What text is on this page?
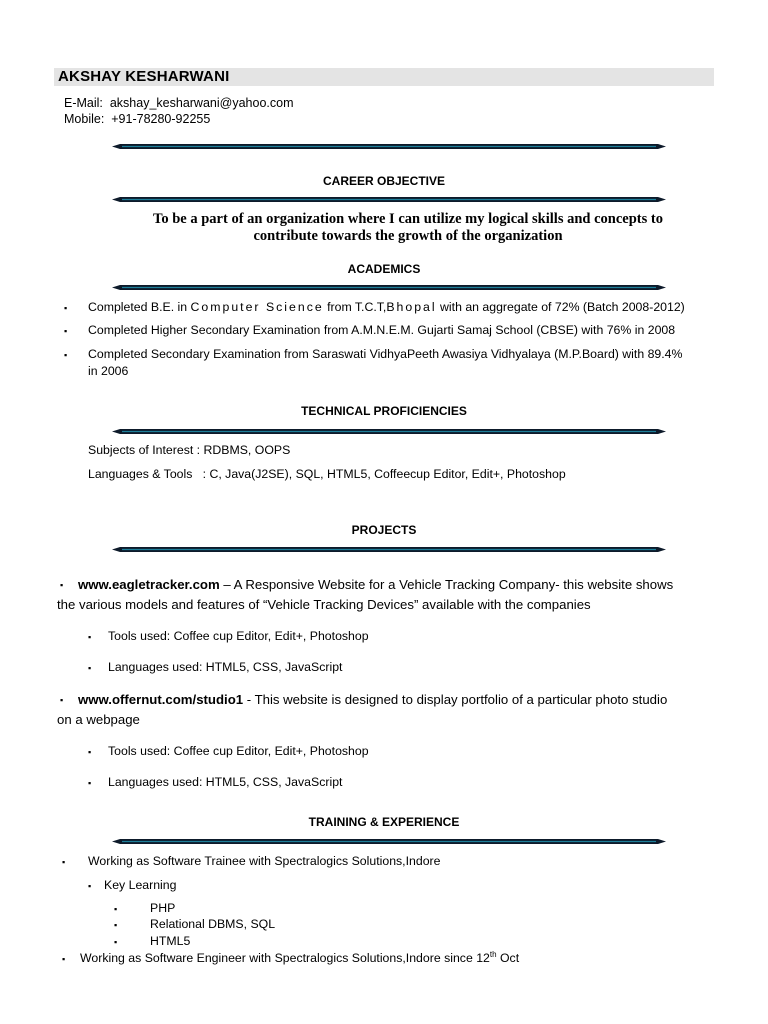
AKSHAY KESHARWANI
E-Mail: akshay_kesharwani@yahoo.com
Mobile: +91-78280-92255
CAREER OBJECTIVE
To be a part of an organization where I can utilize my logical skills and concepts to
contribute towards the growth of the organization
ACADEMICS
▪ Completed B.E. in Computer Science from T.C.T,Bhopal with an aggregate of 72% (Batch 2008-2012)
▪ Completed Higher Secondary Examination from A.M.N.E.M. Gujarti Samaj School (CBSE) with 76% in 2008
▪ Completed Secondary Examination from Saraswati VidhyaPeeth Awasiya Vidhyalaya (M.P.Board) with 89.4%
in 2006
TECHNICAL PROFICIENCIES
Subjects of Interest : RDBMS, OOPS
Languages & Tools   : C, Java(J2SE), SQL, HTML5, Coffeecup Editor, Edit+, Photoshop
PROJECTS
▪ www.eagletracker.com – A Responsive Website for a Vehicle Tracking Company- this website shows
the various models and features of “Vehicle Tracking Devices” available with the companies
▪ Tools used: Coffee cup Editor, Edit+, Photoshop
▪ Languages used: HTML5, CSS, JavaScript
▪ www.offernut.com/studio1 - This website is designed to display portfolio of a particular photo studio
on a webpage
▪ Tools used: Coffee cup Editor, Edit+, Photoshop
▪ Languages used: HTML5, CSS, JavaScript
TRAINING & EXPERIENCE
▪ Working as Software Trainee with Spectralogics Solutions,Indore
▪ Key Learning
▪	PHP
▪	Relational DBMS, SQL
▪	HTML5
▪ Working as Software Engineer with Spectralogics Solutions,Indore since 12th Oct
